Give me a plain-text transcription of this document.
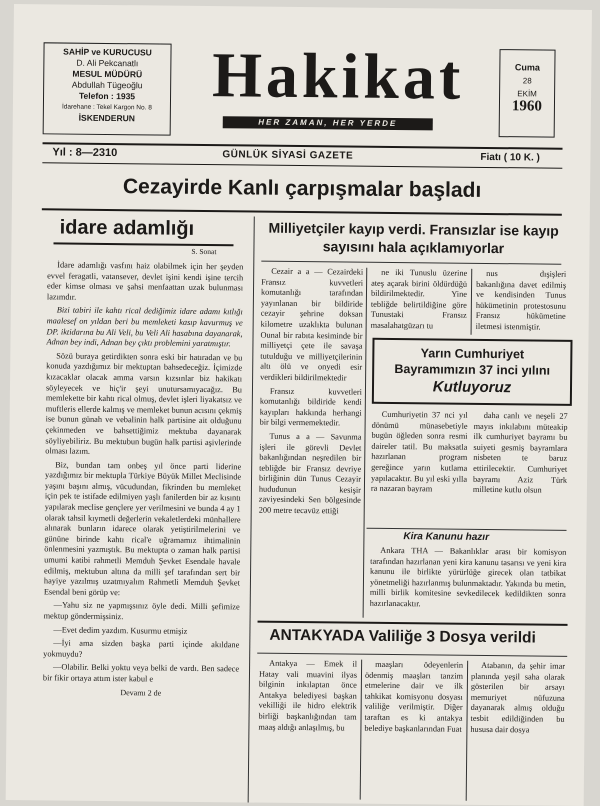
SAHİP ve KURUCUSU
D. Ali Pekcanatlı
MESUL MÜDÜRÜ
Abdullah Tügeoğlu
Telefon : 1935
İdarehane : Tekel Kargon No. 8
İSKENDERUN
Hakikat
HER ZAMAN, HER YERDE
Cuma
28
EKİM
1960
Yıl : 8—2310	GÜNLÜK SİYASİ GAZETE	Fiatı ( 10 K. )
Cezayirde Kanlı çarpışmalar başladı
idare adamlığı
S. Sonat

İdare adamlığı vasfını haiz olabilmek için her şeyden evvel feragatli, vatansever, devlet işini kendi işine tercih eder kimse olması ve şahsi menfaattan uzak bulunması lazımdır.

Bizi tabiri ile kahtı rical dediğimiz idare adamı kıtlığı maalesef on yıldan beri bu memleketi kasıp kavurmuş ve DP. iktidarına bu Ali Veli, bu Veli Ali hasabına dayanarak, Adnan bey indi, Adnan bey çıktı problemini yaratmıştır.

Sözü buraya getirdikten sonra eski bir hatıradan ve bu konuda yazdığımız bir mektuptan bahsedeceğiz. İçimizde kızacaklar olacak amma varsın kızsınlar biz hakikatı söyleyecek ve hiç'ir şeyi unutursamıyacağız. Bu memlekette bir kahtı rical olmuş, devlet işleri liyakatsız ve muftleris ellerde kalmış ve memleket bunun acısını çekmiş ise bunun günah ve vebalinin halk partisine ait olduğunu çekinmeden ve bahsettiğimiz mektuba dayanarak söyliyebiliriz. Bu mektubun bugün halk partisi aşivlerinde olması lazım.

Biz, bundan tam onbeş yıl önce parti liderine yazdığımız bir mektupla Türkiye Büyük Millet Meclisinde yaşını başını almış, vücudundan, fikrinden bu memleket için pek te istifade edilmiyen yaşlı fanilerden bir az kısıntı yapılarak meclise gençlere yer verilmesini ve bunda 4 ay 1 olarak tahsil kıymetli değerlerin vekaletlerdeki münhallere alınarak bunların idarece olarak yetiştirilmelerini ve gününe birinde kahtı rical'e uğramamız ihtimalinin önlenmesini yazmıştık. Bu mektupta o zaman halk partisi umumi katibi rahmetli Memduh Şevket Esendale havale edilmiş, mektubun altına da milli şef tarafından sert bir hayiye yazılmış uzatmıyalım Rahmetli Memduh Şevket Esendal beni görüp ve:

—Yahu siz ne yapmışsınız öyle dedi. Milli şefimize mektup göndermişsiniz.

—Evet dedim yazdım. Kusurmu etmişiz

—İyi ama sizden başka parti içinde akıldane yokmuydu?

—Olabilir. Belki yoktu veya belki de vardı. Ben sadece bir fikir ortaya attım ister kabul e

Devamı 2 de
Milliyetçiler kayıp verdi. Fransızlar ise kayıp sayısını hala açıklamıyorlar

Cezair a a — Cezairdeki Fransız kuvvetleri komutanlığı tarafından yayınlanan bir bildiride cezayir şehrine doksan kilometre uzaklıkta bulunan Ounal bir rabıta kesiminde bir milliyetçi çete ile savaşa tutulduğu ve milliyetçilerinin altı ölü ve onyedi esir verdikleri bildirilmektedir

Fransız kuvvetleri komutanlığı bildiride kendi kayıpları hakkında herhangi bir bilgi vermemektedir.

Tunus a a — Savunma işleri ile görevli Devlet bakanlığından neşredilen bir tebliğde bir Fransız devriye birliğinin dün Tunus Cezayir hududunun kesişir zaviyesindeki Sen bölgesinde 200 metre tecavüz ettiği

ne iki Tunuslu üzerine ateş açarak birini öldürdüğü bildirilmektedir. Yine tebliğde belirtildiğine göre Tunustaki Fransız masalahatgüzarı tu

nus dışişleri bakanlığına davet edilmiş ve kendisinden Tunus hükümetinin protestosunu Fransız hükümetine iletmesi istenmiştir.

Yarın Cumhuriyet Bayramımızın 37 inci yılını
Kutluyoruz

Cumhuriyetin 37 nci yıl dönümü münasebetiyle bugün öğleden sonra resmi daireler tatil. Bu maksatla hazırlanan program gereğince yarın kutlama yapılacaktır. Bu yıl eski yılla ra nazaran bayram

daha canlı ve neşeli 27 mayıs inkılabını müteakip ilk cumhuriyet bayramı bu suiyeti gesmiş bayramlara nisbeten te baruz ettirilecektir. Cumhuriyet bayramı Aziz Türk milletine kutlu olsun

Kira Kanunu hazır

Ankara THA — Bakanlıklar arası bir komisyon tarafından hazırlanan yeni kira kanunu tasarısı ve yeni kira kanunu ile birlikte yürürlüğe girecek olan tatbikat yönetmeliği hazırlanmış bulunmaktadır. Yakında bu metin, milli birlik komitesine sevkedilecek kedildikten sonra hazırlanacaktır.

ANTAKYADA Valiliğe 3 Dosya verildi

Antakya — Emek il Hatay vali muavini ilyas bilginin inkılaptan önce Antakya belediyesi başkan vekilliği ile hidro elektrik birliği başkanlığından tam maaş aldığı anlaşılmış, bu

maaşları ödeyenlerin ödenmiş maaşları tanzim etmelerine dair ve ilk tahkikat komisyonu dosyası valiliğe verilmiştir. Diğer taraftan es ki antakya belediye başkanlarından Fuat

Atabanın, da şehir imar planında yeşil saha olarak gösterilen bir arsayı memuriyet nüfuzuna dayanarak almış olduğu tesbit edildiğinden bu hususa dair dosya
